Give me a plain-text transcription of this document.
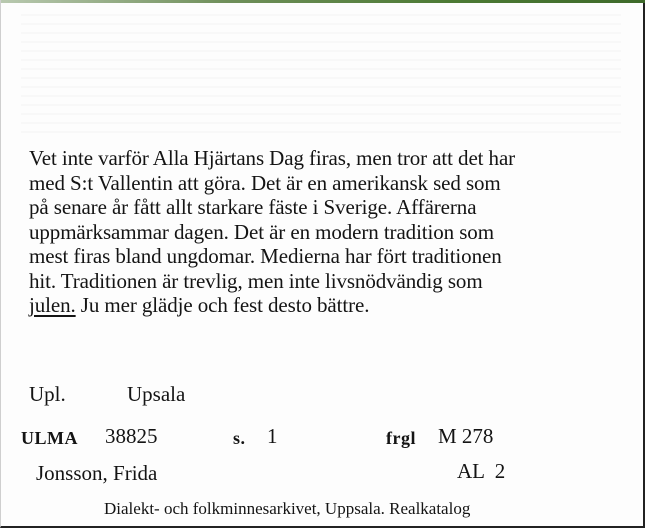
Vet inte varför Alla Hjärtans Dag firas, men tror att det har
med S:t Vallentin att göra. Det är en amerikansk sed som
på senare år fått allt starkare fäste i Sverige. Affärerna
uppmärksammar dagen. Det är en modern tradition som
mest firas bland ungdomar. Medierna har fört traditionen
hit. Traditionen är trevlig, men inte livsnödvändig som
julen. Ju mer glädje och fest desto bättre.
Upl.	Upsala
ULMA 38825	s. 1	frgl M 278
Jonsson, Frida	AL  2
Dialekt- och folkminnesarkivet, Uppsala. Realkatalog
